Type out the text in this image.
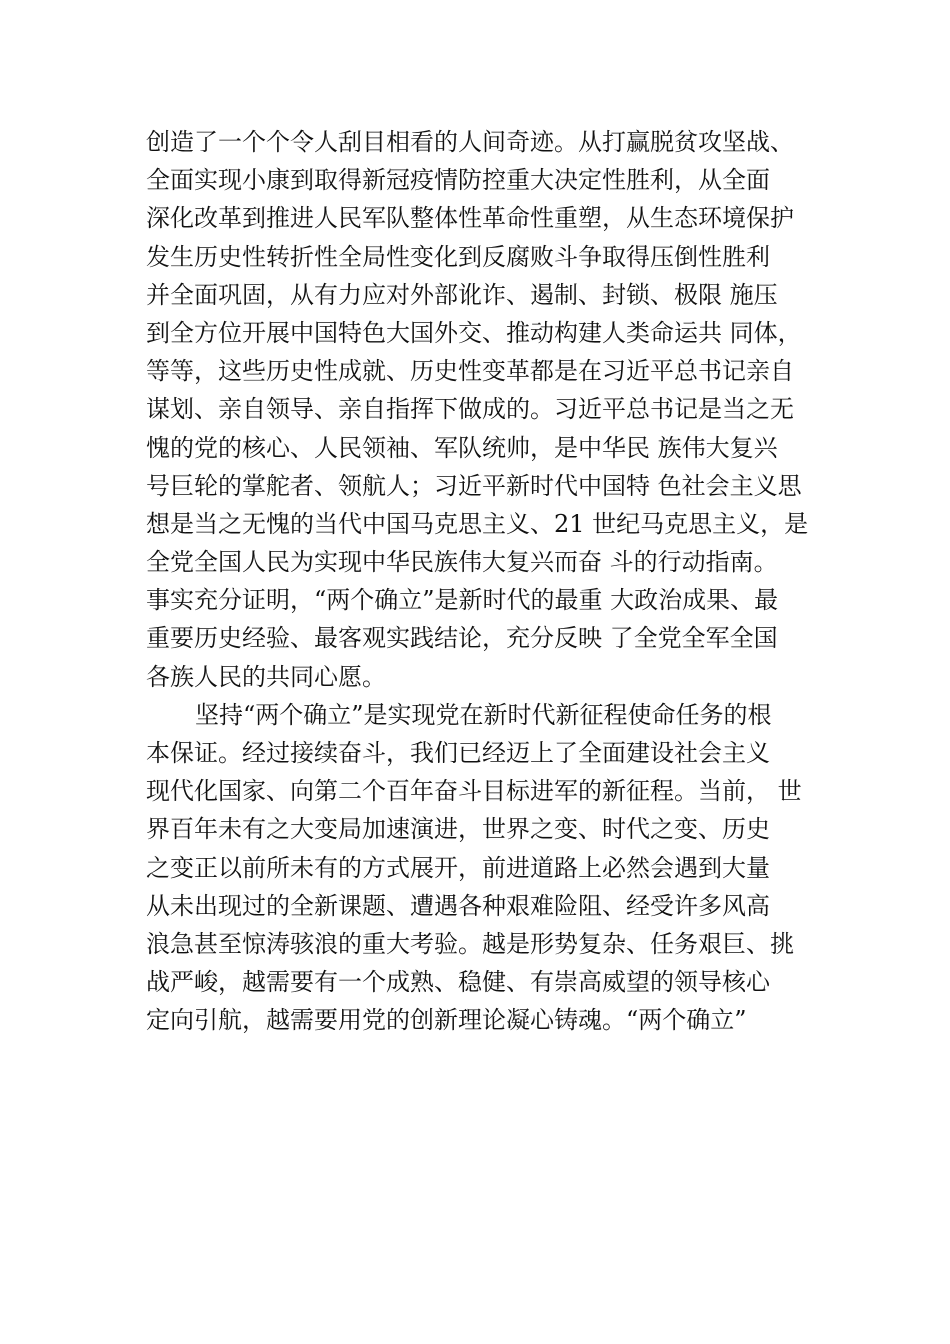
创造了一个个令人刮目相看的人间奇迹。从打赢脱贫攻坚战、
全面实现小康到取得新冠疫情防控重大决定性胜利，从全面
深化改革到推进人民军队整体性革命性重塑，从生态环境保护
发生历史性转折性全局性变化到反腐败斗争取得压倒性胜利
并全面巩固，从有力应对外部讹诈、遏制、封锁、极限 施压
到全方位开展中国特色大国外交、推动构建人类命运共 同体，
等等，这些历史性成就、历史性变革都是在习近平总书记亲自
谋划、亲自领导、亲自指挥下做成的。习近平总书记是当之无
愧的党的核心、人民领袖、军队统帅，是中华民 族伟大复兴
号巨轮的掌舵者、领航人；习近平新时代中国特 色社会主义思
想是当之无愧的当代中国马克思主义、21 世纪马克思主义，是
全党全国人民为实现中华民族伟大复兴而奋 斗的行动指南。
事实充分证明，“两个确立”是新时代的最重 大政治成果、最
重要历史经验、最客观实践结论，充分反映 了全党全军全国
各族人民的共同心愿。
坚持“两个确立”是实现党在新时代新征程使命任务的根
本保证。经过接续奋斗，我们已经迈上了全面建设社会主义
现代化国家、向第二个百年奋斗目标进军的新征程。当前， 世
界百年未有之大变局加速演进，世界之变、时代之变、历史
之变正以前所未有的方式展开，前进道路上必然会遇到大量
从未出现过的全新课题、遭遇各种艰难险阻、经受许多风高
浪急甚至惊涛骇浪的重大考验。越是形势复杂、任务艰巨、挑
战严峻，越需要有一个成熟、稳健、有崇高威望的领导核心
定向引航，越需要用党的创新理论凝心铸魂。“两个确立”
